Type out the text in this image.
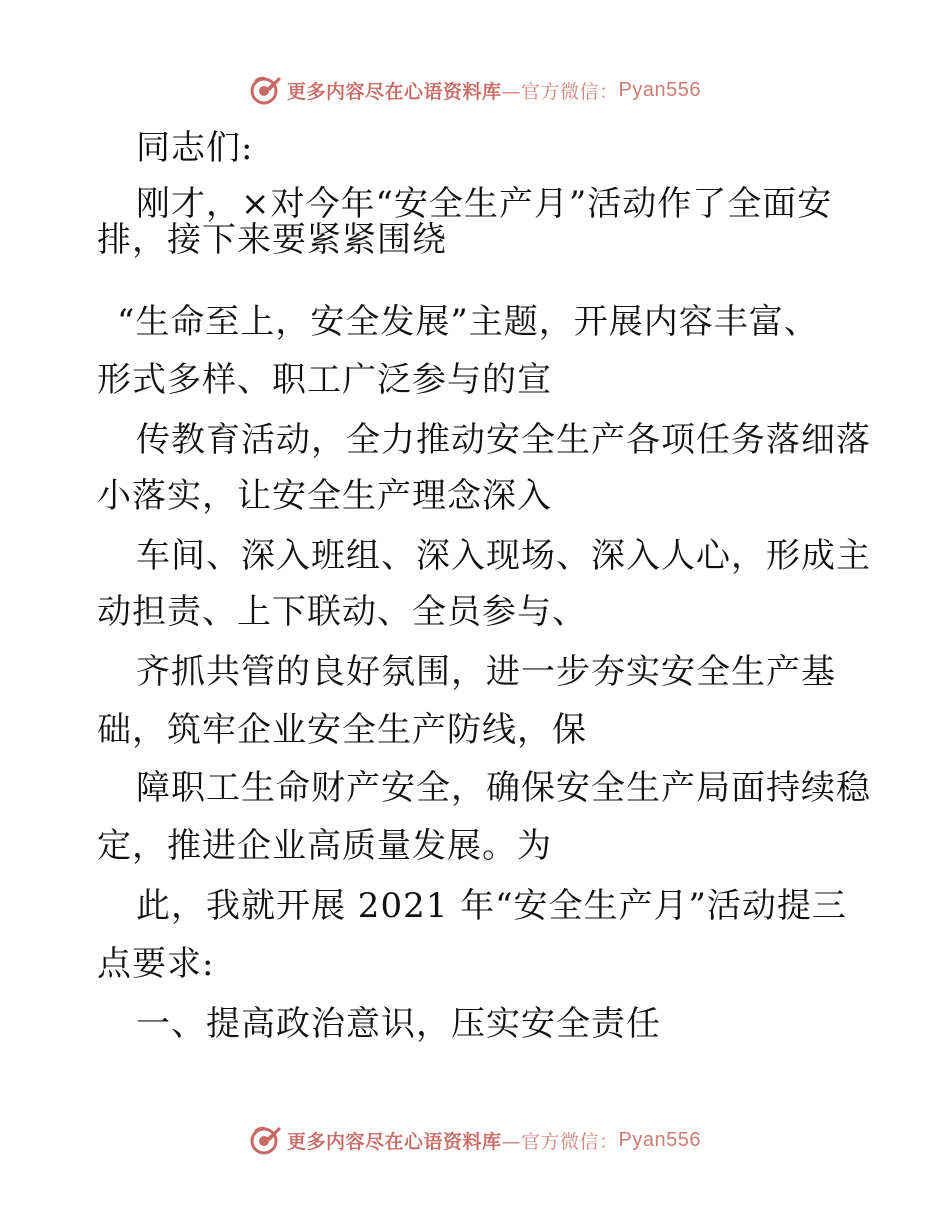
更多内容尽在心语资料库 —官方微信： Pyan556
同志们:
刚才，×对今年“安全生产月”活动作了全面安
排，接下来要紧紧围绕
“生命至上，安全发展”主题，开展内容丰富、
形式多样、职工广泛参与的宣
传教育活动，全力推动安全生产各项任务落细落
小落实，让安全生产理念深入
车间、深入班组、深入现场、深入人心，形成主
动担责、上下联动、全员参与、
齐抓共管的良好氛围，进一步夯实安全生产基
础，筑牢企业安全生产防线，保
障职工生命财产安全，确保安全生产局面持续稳
定，推进企业高质量发展。为
此，我就开展 2021 年“安全生产月”活动提三
点要求:
一、提高政治意识，压实安全责任
更多内容尽在心语资料库 —官方微信： Pyan556
